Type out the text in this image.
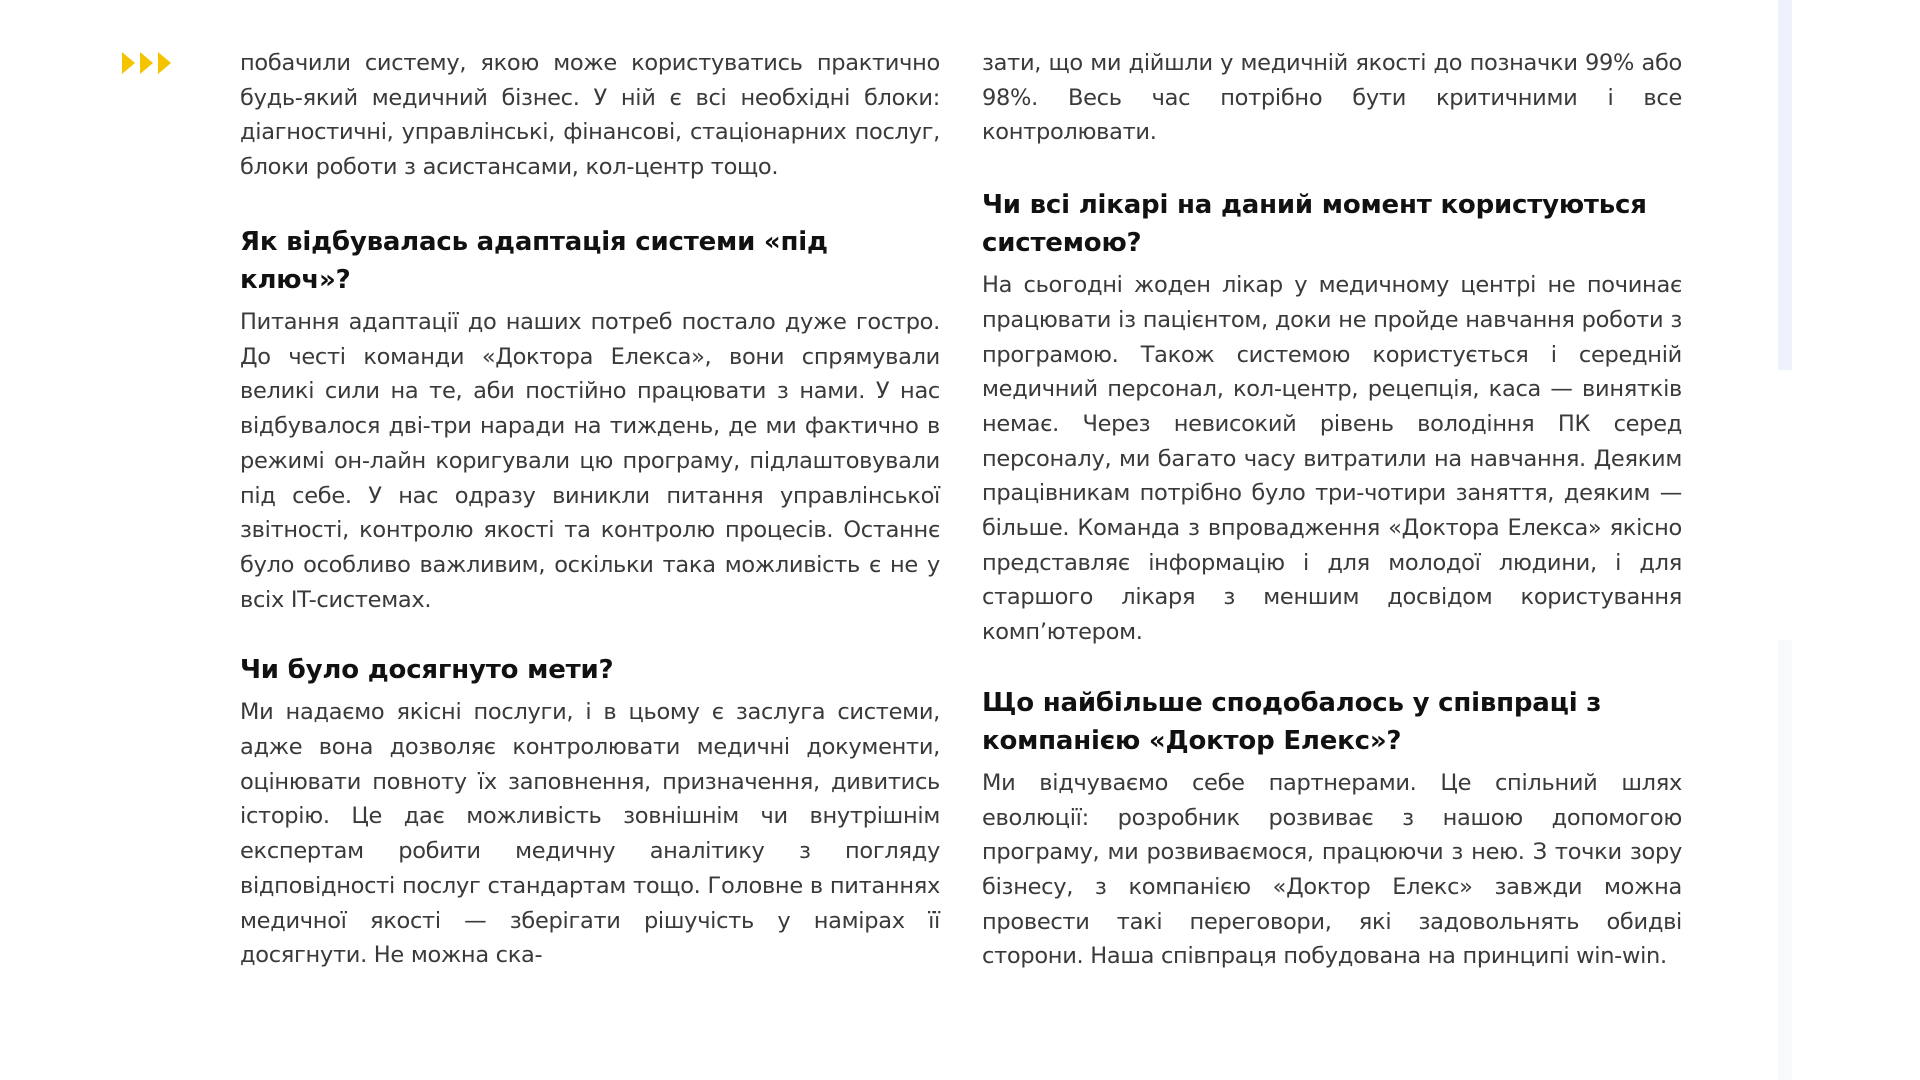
побачили систему, якою може користуватись практично будь-який медичний бізнес. У ній є всі необхідні блоки: діагностичні, управлінські, фінансові, стаціонарних послуг, блоки роботи з асистансами, кол-центр тощо.

Як відбувалась адаптація системи «під ключ»?

Питання адаптації до наших потреб постало дуже гостро. До честі команди «Доктора Елекса», вони спрямували великі сили на те, аби постійно працювати з нами. У нас відбувалося дві-три наради на тиждень, де ми фактично в режимі он-лайн коригували цю програму, підлаштовували під себе. У нас одразу виникли питання управлінської звітності, контролю якості та контролю процесів. Останнє було особливо важливим, оскільки така можливість є не у всіх IT-системах.

Чи було досягнуто мети?

Ми надаємо якісні послуги, і в цьому є заслуга системи, адже вона дозволяє контролювати медичні документи, оцінювати повноту їх заповнення, призначення, дивитись історію. Це дає можливість зовнішнім чи внутрішнім експертам робити медичну аналітику з погляду відповідності послуг стандартам тощо. Головне в питаннях медичної якості — зберігати рішучість у намірах її досягнути. Не можна ска-

зати, що ми дійшли у медичній якості до позначки 99% або 98%. Весь час потрібно бути критичними і все контролювати.

Чи всі лікарі на даний момент користуються системою?

На сьогодні жоден лікар у медичному центрі не починає працювати із пацієнтом, доки не пройде навчання роботи з програмою. Також системою користується і середній медичний персонал, кол-центр, рецепція, каса — винятків немає. Через невисокий рівень володіння ПК серед персоналу, ми багато часу витратили на навчання. Деяким працівникам потрібно було три-чотири заняття, деяким — більше. Команда з впровадження «Доктора Елекса» якісно представляє інформацію і для молодої людини, і для старшого лікаря з меншим досвідом користування комп’ютером.

Що найбільше сподобалось у співпраці з компанією «Доктор Елекс»?

Ми відчуваємо себе партнерами. Це спільний шлях еволюції: розробник розвиває з нашою допомогою програму, ми розвиваємося, працюючи з нею. З точки зору бізнесу, з компанією «Доктор Елекс» завжди можна провести такі переговори, які задовольнять обидві сторони. Наша співпраця побудована на принципі win-win.
